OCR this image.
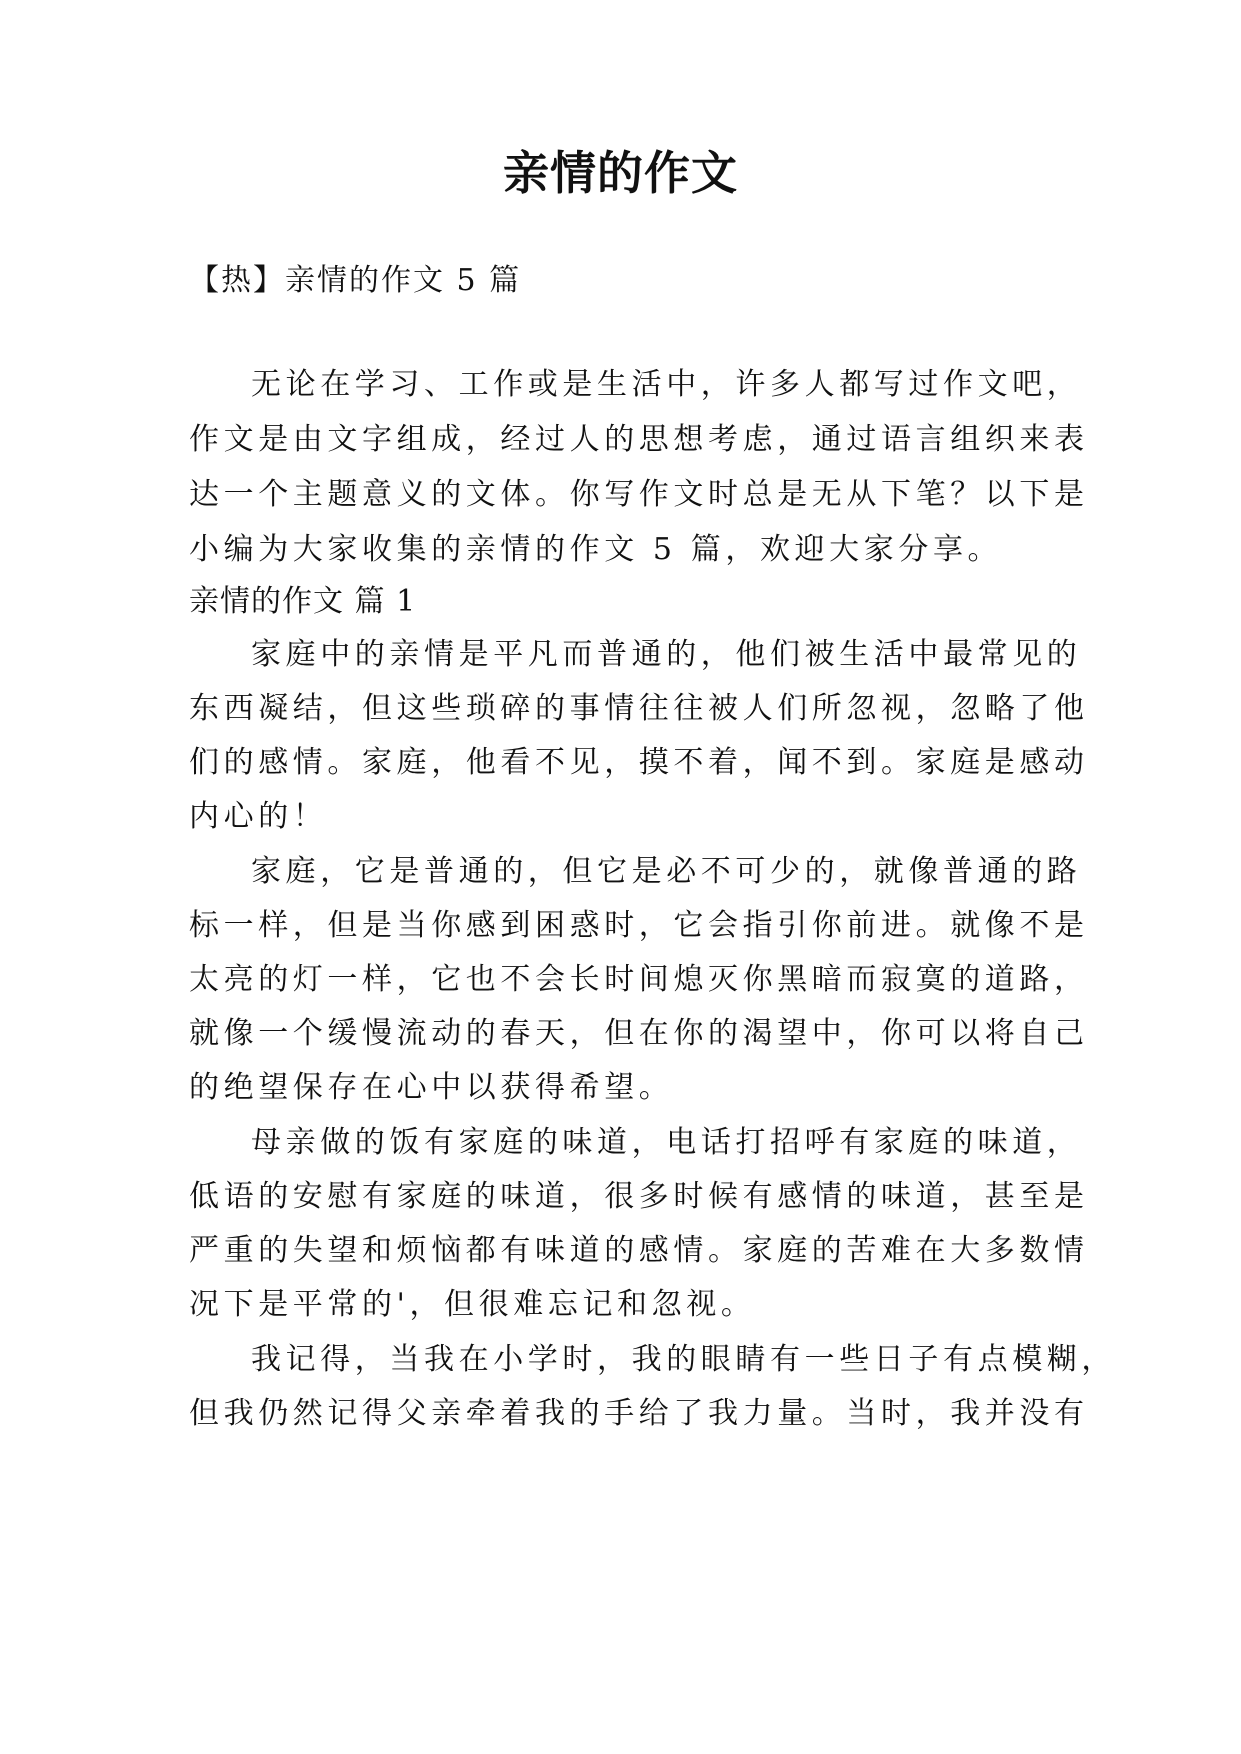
亲情的作文
【热】亲情的作文 5 篇
无论在学习、工作或是生活中，许多人都写过作文吧，
作文是由文字组成，经过人的思想考虑，通过语言组织来表
达一个主题意义的文体。你写作文时总是无从下笔？以下是
小编为大家收集的亲情的作文 5 篇，欢迎大家分享。
亲情的作文 篇 1
家庭中的亲情是平凡而普通的，他们被生活中最常见的
东西凝结，但这些琐碎的事情往往被人们所忽视，忽略了他
们的感情。家庭，他看不见，摸不着，闻不到。家庭是感动
内心的！
家庭，它是普通的，但它是必不可少的，就像普通的路
标一样，但是当你感到困惑时，它会指引你前进。就像不是
太亮的灯一样，它也不会长时间熄灭你黑暗而寂寞的道路，
就像一个缓慢流动的春天，但在你的渴望中，你可以将自己
的绝望保存在心中以获得希望。
母亲做的饭有家庭的味道，电话打招呼有家庭的味道，
低语的安慰有家庭的味道，很多时候有感情的味道，甚至是
严重的失望和烦恼都有味道的感情。家庭的苦难在大多数情
况下是平常的'，但很难忘记和忽视。
我记得，当我在小学时，我的眼睛有一些日子有点模糊，
但我仍然记得父亲牵着我的手给了我力量。当时，我并没有
